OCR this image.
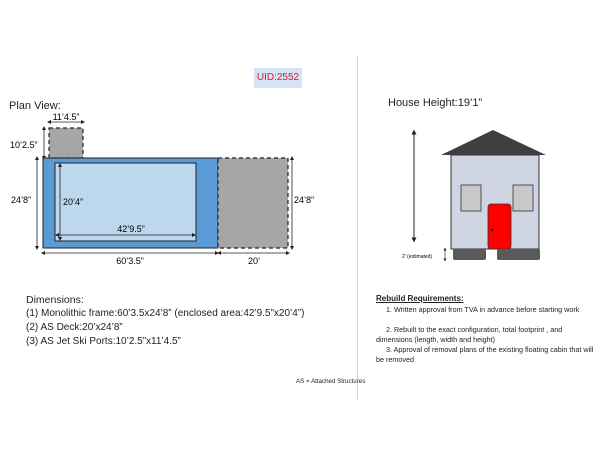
UID:2552
Plan View:	House Height:19’1”
11’4.5”
10’2.5”
24’8”	20’4”
42’9.5”
24’8”
60’3.5”	20’	2’ (estimated)
Dimensions:
(1) Monolithic frame:60’3.5x24’8” (enclosed area:42’9.5”x20’4”)
(2) AS Deck:20’x24’8”
(3) AS Jet Ski Ports:10’2.5”x11’4.5”
Rebuild Requirements:
1. Written approval from TVA in advance before starting work
2. Rebuilt to the exact configuration, total footprint , and dimensions (length, width and height)
3. Approval of removal plans of the existing floating cabin that will be removed
AS = Attached Structures
